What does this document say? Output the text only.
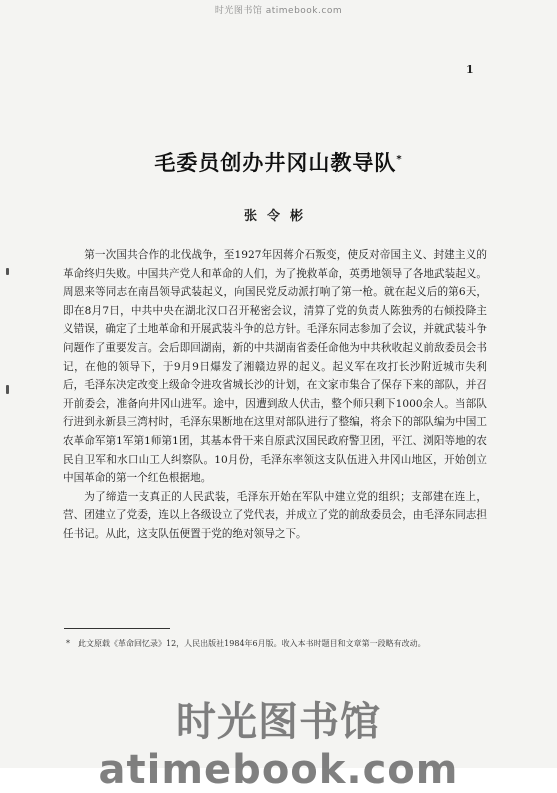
时光图书馆 atimebook.com
1
毛委员创办井冈山教导队*
张令彬

第一次国共合作的北伐战争，至1927年因蒋介石叛变，使反对帝国主义、封建主义的革命终归失败。中国共产党人和革命的人们，为了挽救革命，英勇地领导了各地武装起义。周恩来等同志在南昌领导武装起义，向国民党反动派打响了第一枪。就在起义后的第6天，即在8月7日，中共中央在湖北汉口召开秘密会议，清算了党的负责人陈独秀的右倾投降主义错误，确定了土地革命和开展武装斗争的总方针。毛泽东同志参加了会议，并就武装斗争问题作了重要发言。会后即回湖南，新的中共湖南省委任命他为中共秋收起义前敌委员会书记，在他的领导下，于9月9日爆发了湘赣边界的起义。起义军在攻打长沙附近城市失利后，毛泽东决定改变上级命令进攻省城长沙的计划，在文家市集合了保存下来的部队，并召开前委会，准备向井冈山进军。途中，因遭到敌人伏击，整个师只剩下1000余人。当部队行进到永新县三湾村时，毛泽东果断地在这里对部队进行了整编，将余下的部队编为中国工农革命军第1军第1师第1团，其基本骨干来自原武汉国民政府警卫团，平江、浏阳等地的农民自卫军和水口山工人纠察队。10月份，毛泽东率领这支队伍进入井冈山地区，开始创立中国革命的第一个红色根据地。

为了缔造一支真正的人民武装，毛泽东开始在军队中建立党的组织；支部建在连上，营、团建立了党委，连以上各级设立了党代表，并成立了党的前敌委员会，由毛泽东同志担任书记。从此，这支队伍便置于党的绝对领导之下。

* 此文原载《革命回忆录》12，人民出版社1984年6月版。收入本书时题目和文章第一段略有改动。
时光图书馆atimebook.com
